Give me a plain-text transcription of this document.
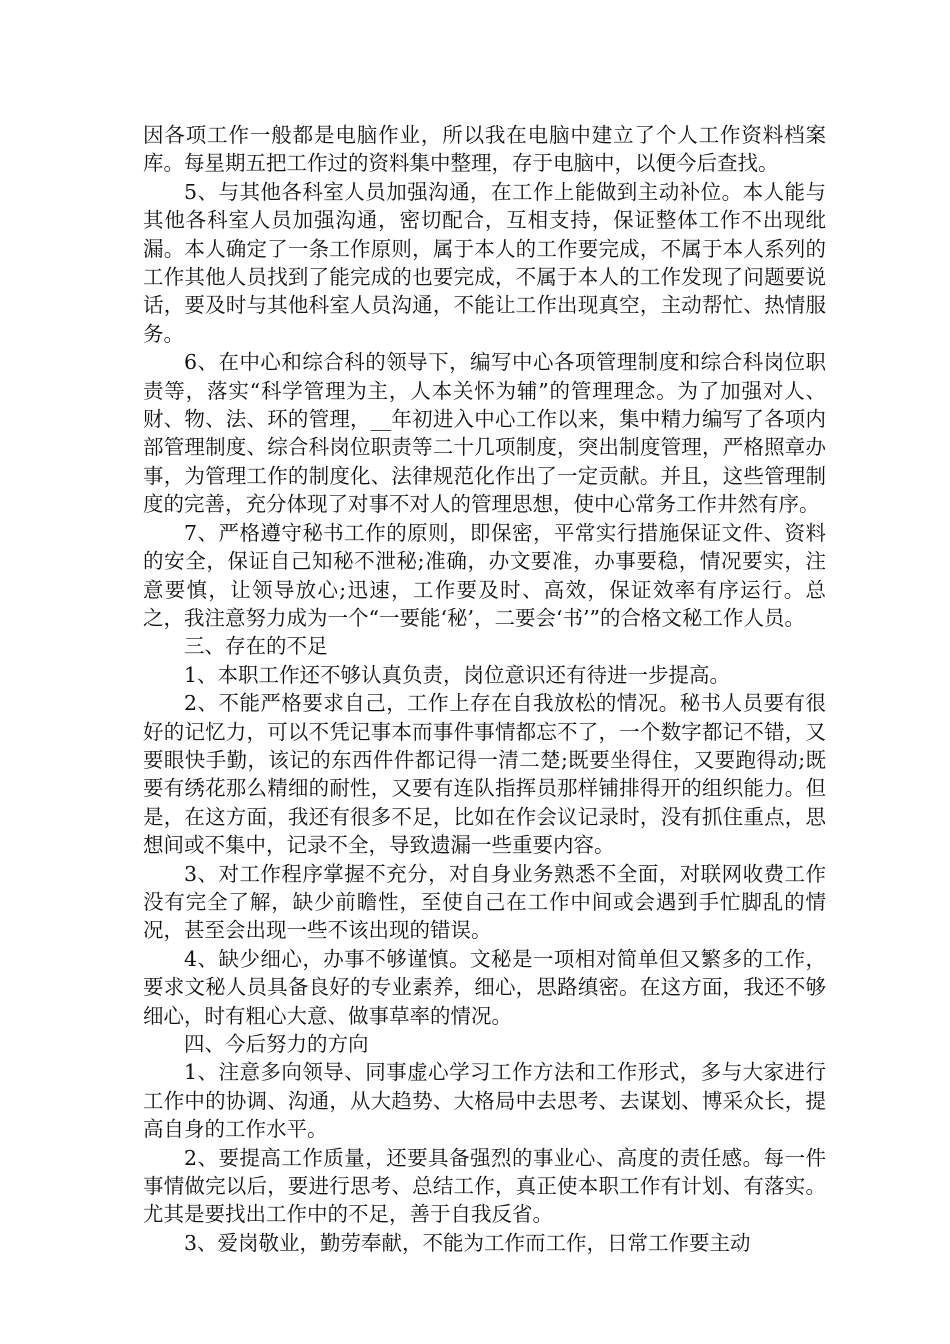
因各项工作一般都是电脑作业，所以我在电脑中建立了个人工作资料档案库。每星期五把工作过的资料集中整理，存于电脑中，以便今后查找。

5、与其他各科室人员加强沟通，在工作上能做到主动补位。本人能与其他各科室人员加强沟通，密切配合，互相支持，保证整体工作不出现纰漏。本人确定了一条工作原则，属于本人的工作要完成，不属于本人系列的工作其他人员找到了能完成的也要完成，不属于本人的工作发现了问题要说话，要及时与其他科室人员沟通，不能让工作出现真空，主动帮忙、热情服务。

6、在中心和综合科的领导下，编写中心各项管理制度和综合科岗位职责等，落实“科学管理为主，人本关怀为辅”的管理理念。为了加强对人、财、物、法、环的管理，__年初进入中心工作以来，集中精力编写了各项内部管理制度、综合科岗位职责等二十几项制度，突出制度管理，严格照章办事，为管理工作的制度化、法律规范化作出了一定贡献。并且，这些管理制度的完善，充分体现了对事不对人的管理思想，使中心常务工作井然有序。

7、严格遵守秘书工作的原则，即保密，平常实行措施保证文件、资料的安全，保证自己知秘不泄秘;准确，办文要准，办事要稳，情况要实，注意要慎，让领导放心;迅速，工作要及时、高效，保证效率有序运行。总之，我注意努力成为一个“一要能‘秘’，二要会‘书’”的合格文秘工作人员。

三、存在的不足

1、本职工作还不够认真负责，岗位意识还有待进一步提高。

2、不能严格要求自己，工作上存在自我放松的情况。秘书人员要有很好的记忆力，可以不凭记事本而事件事情都忘不了，一个数字都记不错，又要眼快手勤，该记的东西件件都记得一清二楚;既要坐得住，又要跑得动;既要有绣花那么精细的耐性，又要有连队指挥员那样铺排得开的组织能力。但是，在这方面，我还有很多不足，比如在作会议记录时，没有抓住重点，思想间或不集中，记录不全，导致遗漏一些重要内容。

3、对工作程序掌握不充分，对自身业务熟悉不全面，对联网收费工作没有完全了解，缺少前瞻性，至使自己在工作中间或会遇到手忙脚乱的情况，甚至会出现一些不该出现的错误。

4、缺少细心，办事不够谨慎。文秘是一项相对简单但又繁多的工作，要求文秘人员具备良好的专业素养，细心，思路缜密。在这方面，我还不够细心，时有粗心大意、做事草率的情况。

四、今后努力的方向

1、注意多向领导、同事虚心学习工作方法和工作形式，多与大家进行工作中的协调、沟通，从大趋势、大格局中去思考、去谋划、博采众长，提高自身的工作水平。

2、要提高工作质量，还要具备强烈的事业心、高度的责任感。每一件事情做完以后，要进行思考、总结工作，真正使本职工作有计划、有落实。尤其是要找出工作中的不足，善于自我反省。

3、爱岗敬业，勤劳奉献，不能为工作而工作，日常工作要主动
